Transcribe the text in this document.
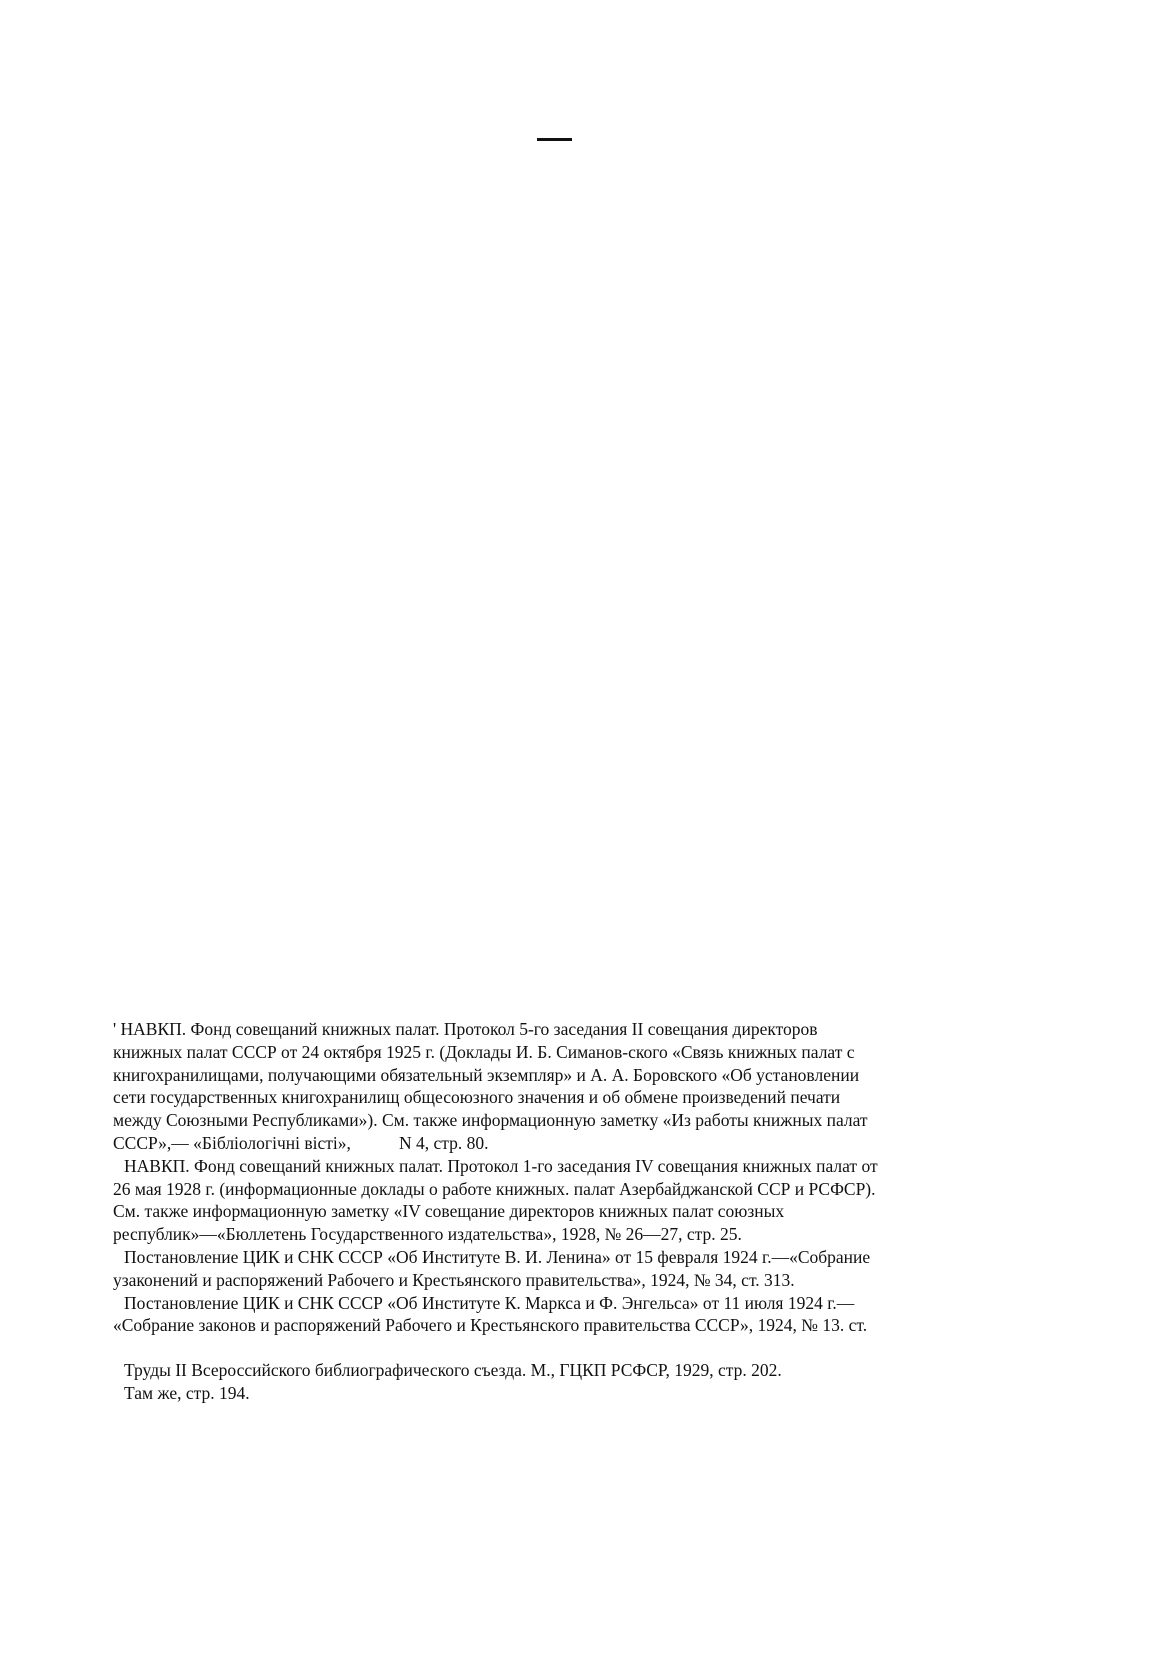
' НАВКП. Фонд совещаний книжных палат. Протокол 5-го заседания II совещания директоров
книжных палат СССР от 24 октября 1925 г. (Доклады И. Б. Симанов-ского «Связь книжных палат с
книгохранилищами, получающими обязательный экземпляр» и А. А. Боровского «Об установлении
сети государственных книгохранилищ общесоюзного значения и об обмене произведений печати
между Союзными Республиками»). См. также информационную заметку «Из работы книжных палат
СССР»,— «Бібліологічні вісті»,           N 4, стр. 80.
НАВКП. Фонд совещаний книжных палат. Протокол 1-го заседания IV совещания книжных палат от
26 мая 1928 г. (информационные доклады о работе книжных. палат Азербайджанской ССР и РСФСР).
См. также информационную заметку «IV совещание директоров книжных палат союзных
республик»—«Бюллетень Государственного издательства», 1928, № 26—27, стр. 25.
Постановление ЦИК и СНК СССР «Об Институте В. И. Ленина» от 15 февраля 1924 г.—«Собрание
узаконений и распоряжений Рабочего и Крестьянского правительства», 1924, № 34, ст. 313.
Постановление ЦИК и СНК СССР «Об Институте К. Маркса и Ф. Энгельса» от 11 июля 1924 г.—
«Собрание законов и распоряжений Рабочего и Крестьянского правительства СССР», 1924, № 13. ст.
Труды II Всероссийского библиографического съезда. М., ГЦКП РСФСР, 1929, стр. 202.
Там же, стр. 194.
